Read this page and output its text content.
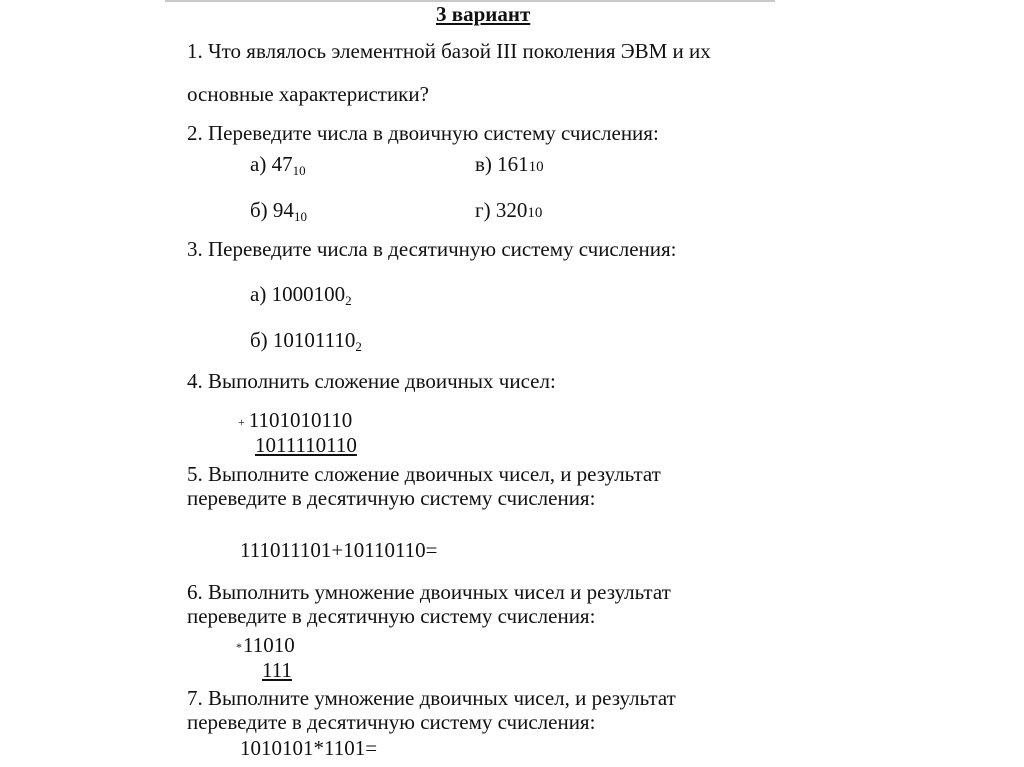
3 вариант
1. Что являлось элементной базой III поколения ЭВМ и их
основные характеристики?
2. Переведите числа в двоичную систему счисления:
а) $47_{10}$	в) 16110
б) $94_{10}$	г) 32010
3. Переведите числа в десятичную систему счисления:
а) $1000100_2$
б) $10101110_2$
4. Выполнить сложение двоичных чисел:
+ 1101010110
1011110110
5. Выполните сложение двоичных чисел, и результат
переведите в десятичную систему счисления:
111011101+10110110=
6. Выполнить умножение двоичных чисел и результат
переведите в десятичную систему счисления:
*11010
111
7. Выполните умножение двоичных чисел, и результат
переведите в десятичную систему счисления:
1010101*1101=
